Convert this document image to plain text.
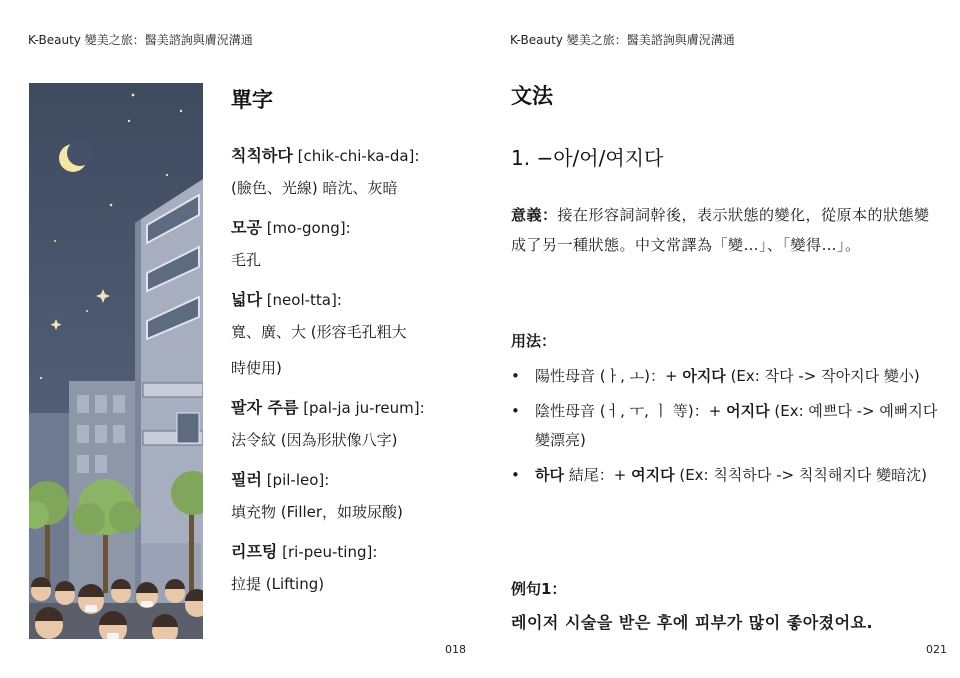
K-Beauty 變美之旅：醫美諮詢與膚況溝通
單字
칙칙하다 [chik-chi-ka-da]:
(臉色、光線) 暗沈、灰暗
모공 [mo-gong]:
毛孔
넓다 [neol-tta]:
寬、廣、大 (形容毛孔粗大
時使用)
팔자 주름 [pal-ja ju-reum]:
法令紋 (因為形狀像八字)
필러 [pil-leo]:
填充物 (Filler，如玻尿酸)
리프팅 [ri-peu-ting]:
拉提 (Lifting)
018
K-Beauty 變美之旅：醫美諮詢與膚況溝通
文法
1. −아/어/여지다
意義：接在形容詞詞幹後，表示狀態的變化，從原本的狀態變成了另一種狀態。中文常譯為「變…」、「變得…」。
用法：
• 陽性母音 (ㅏ, ㅗ)：+ 아지다 (Ex: 작다 -> 작아지다 變小)
• 陰性母音 (ㅓ, ㅜ, ㅣ 等)：+ 어지다 (Ex: 예쁘다 -> 예뻐지다 變漂亮)
• 하다 結尾：+ 여지다 (Ex: 칙칙하다 -> 칙칙해지다 變暗沈)
例句1：
레이저 시술을 받은 후에 피부가 많이 좋아졌어요.
021
